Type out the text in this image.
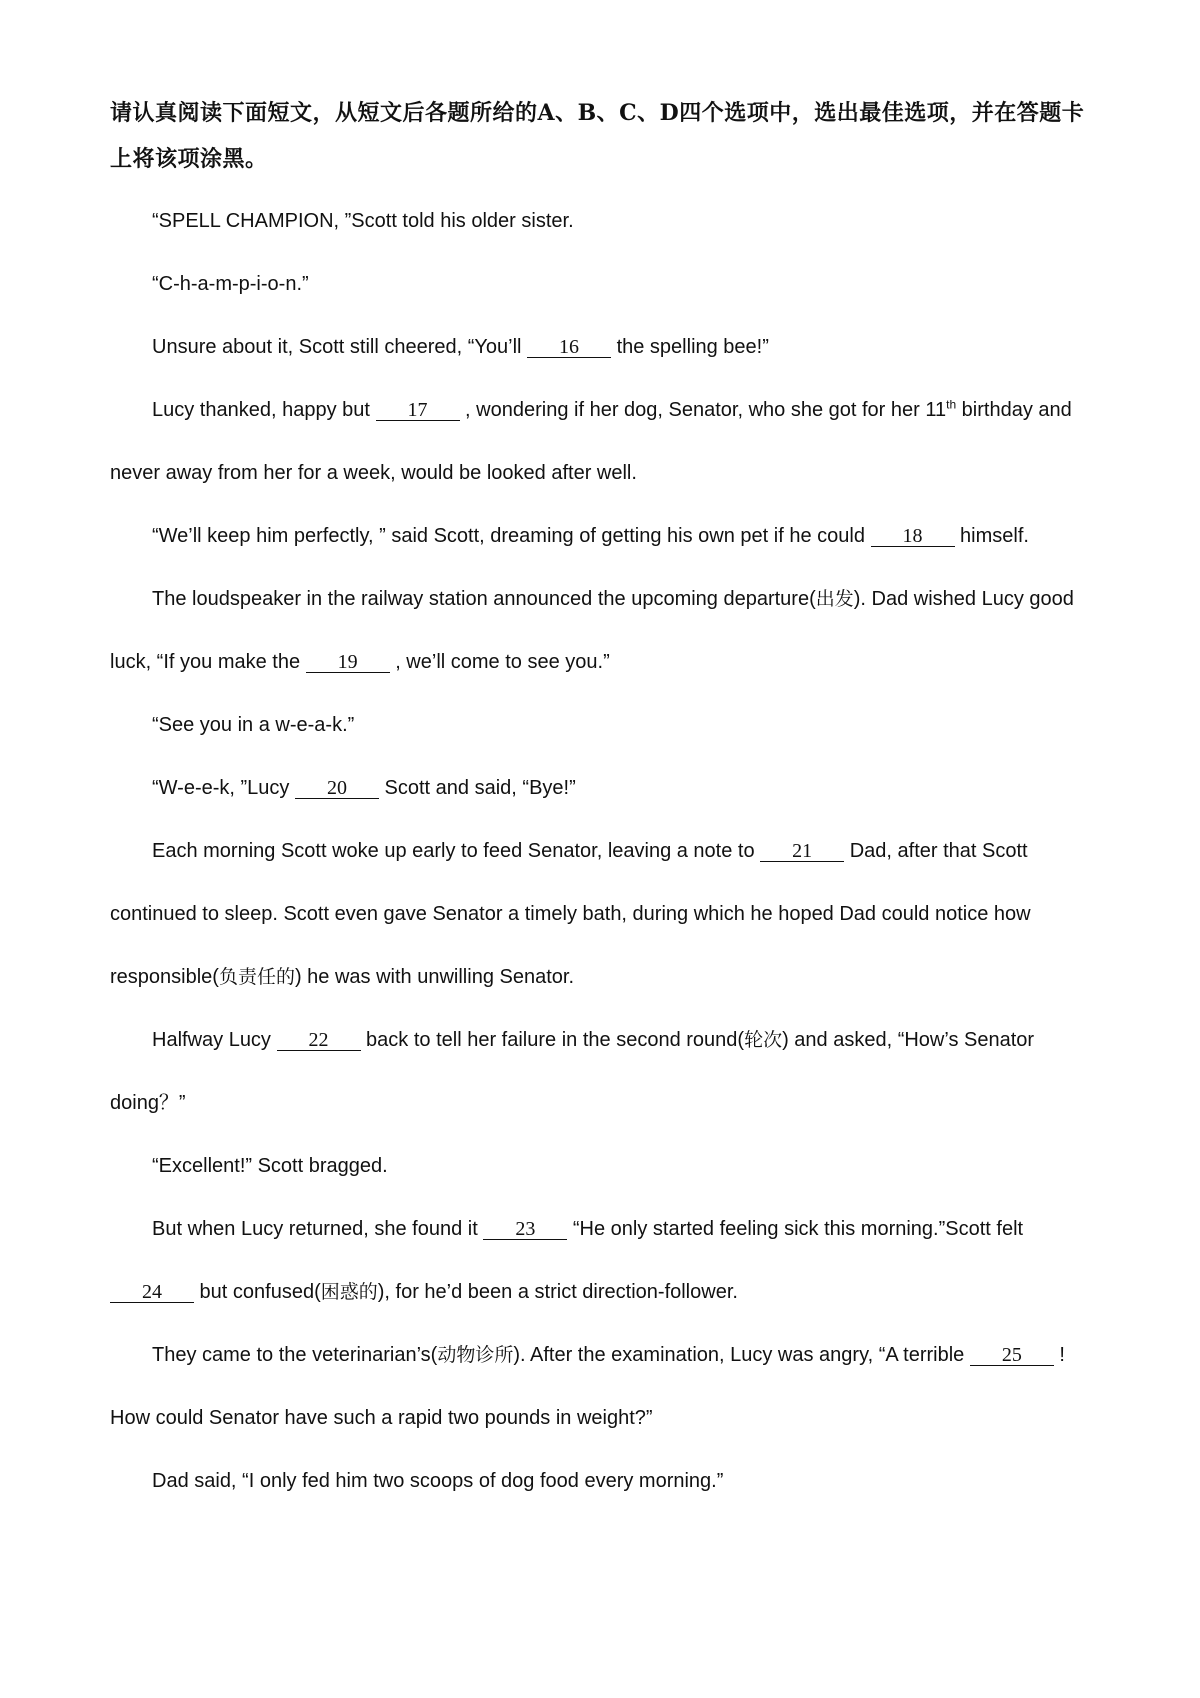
请认真阅读下面短文，从短文后各题所给的A、B、C、D四个选项中，选出最佳选项，并在答题卡上将该项涂黑。

“SPELL CHAMPION, ”Scott told his older sister.

“C-h-a-m-p-i-o-n.”

Unsure about it, Scott still cheered, “You’ll 16 the spelling bee!”

Lucy thanked, happy but 17 , wondering if her dog, Senator, who she got for her 11th birthday and never away from her for a week, would be looked after well.

“We’ll keep him perfectly, ” said Scott, dreaming of getting his own pet if he could 18 himself.

The loudspeaker in the railway station announced the upcoming departure(出发). Dad wished Lucy good luck, “If you make the 19 , we’ll come to see you.”

“See you in a w-e-a-k.”

“W-e-e-k, ”Lucy 20 Scott and said, “Bye!”

Each morning Scott woke up early to feed Senator, leaving a note to 21 Dad, after that Scott continued to sleep. Scott even gave Senator a timely bath, during which he hoped Dad could notice how responsible(负责任的) he was with unwilling Senator.

Halfway Lucy 22 back to tell her failure in the second round(轮次) and asked, “How’s Senator doing？”

“Excellent!” Scott bragged.

But when Lucy returned, she found it 23 “He only started feeling sick this morning.”Scott felt 24 but confused(困惑的), for he’d been a strict direction-follower.

They came to the veterinarian’s(动物诊所). After the examination, Lucy was angry, “A terrible 25 ! How could Senator have such a rapid two pounds in weight?”

Dad said, “I only fed him two scoops of dog food every morning.”
